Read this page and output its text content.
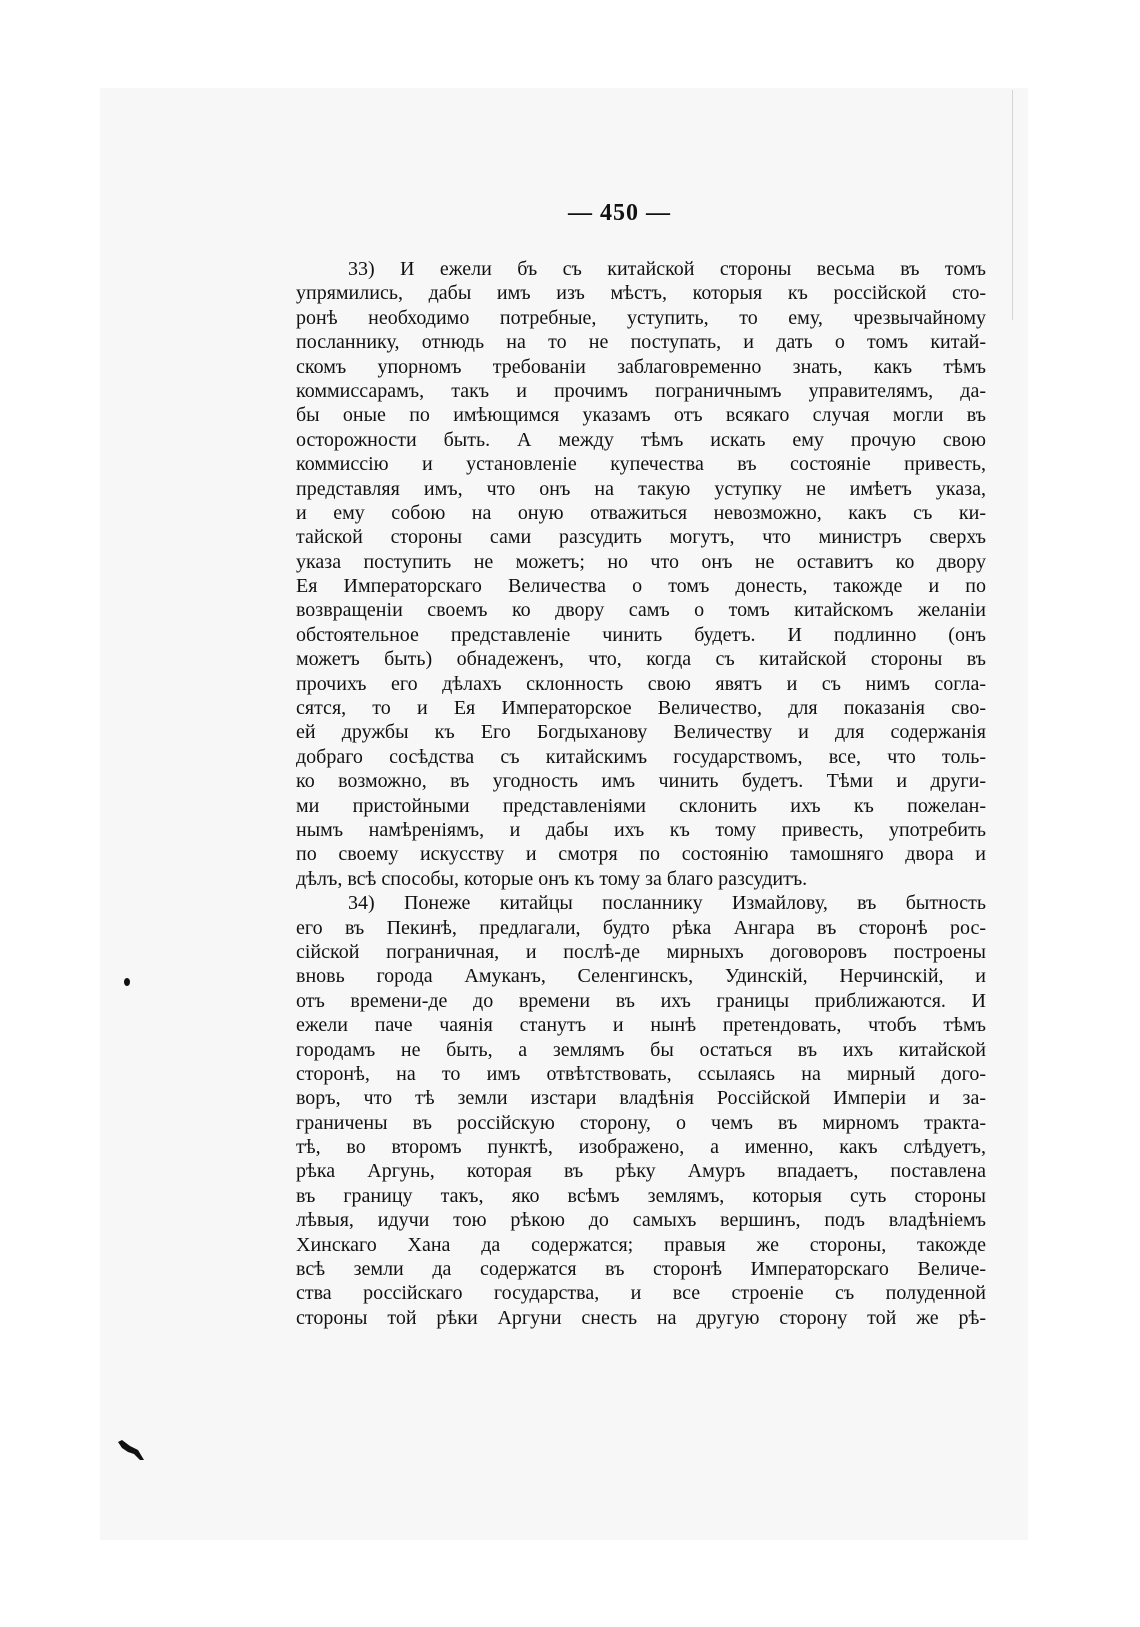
— 450 —
33) И ежели бъ съ китайской стороны весьма въ томъ
упрямились, дабы имъ изъ мѣстъ, которыя къ россійской сто-
ронѣ необходимо потребные, уступить, то ему, чрезвычайному
посланнику, отнюдь на то не поступать, и дать о томъ китай-
скомъ упорномъ требованіи заблаговременно знать, какъ тѣмъ
коммиссарамъ, такъ и прочимъ пограничнымъ управителямъ, да-
бы оные по имѣющимся указамъ отъ всякаго случая могли въ
осторожности быть. А между тѣмъ искать ему прочую свою
коммиссію и установленіе купечества въ состояніе привесть,
представляя имъ, что онъ на такую уступку не имѣетъ указа,
и ему собою на оную отважиться невозможно, какъ съ ки-
тайской стороны сами разсудить могутъ, что министръ сверхъ
указа поступить не можетъ; но что онъ не оставитъ ко двору
Ея Императорскаго Величества о томъ донесть, такожде и по
возвращеніи своемъ ко двору самъ о томъ китайскомъ желаніи
обстоятельное представленіе чинить будетъ. И подлинно (онъ
можетъ быть) обнадеженъ, что, когда съ китайской стороны въ
прочихъ его дѣлахъ склонность свою явятъ и съ нимъ согла-
сятся, то и Ея Императорское Величество, для показанія сво-
ей дружбы къ Его Богдыханову Величеству и для содержанія
добраго сосѣдства съ китайскимъ государствомъ, все, что толь-
ко возможно, въ угодность имъ чинить будетъ. Тѣми и други-
ми пристойными представленіями склонить ихъ къ пожелан-
нымъ намѣреніямъ, и дабы ихъ къ тому привесть, употребить
по своему искусству и смотря по состоянію тамошняго двора и
дѣлъ, всѣ способы, которые онъ къ тому за благо разсудитъ.
34) Понеже китайцы посланнику Измайлову, въ бытность
его въ Пекинѣ, предлагали, будто рѣка Ангара въ сторонѣ рос-
сійской пограничная, и послѣ-де мирныхъ договоровъ построены
вновь города Амуканъ, Селенгинскъ, Удинскій, Нерчинскій, и
отъ времени-де до времени въ ихъ границы приближаются. И
ежели паче чаянія станутъ и нынѣ претендовать, чтобъ тѣмъ
городамъ не быть, а землямъ бы остаться въ ихъ китайской
сторонѣ, на то имъ отвѣтствовать, ссылаясь на мирный дого-
воръ, что тѣ земли изстари владѣнія Россійской Имперіи и за-
граничены въ россійскую сторону, о чемъ въ мирномъ тракта-
тѣ, во второмъ пунктѣ, изображено, а именно, какъ слѣдуетъ,
рѣка Аргунь, которая въ рѣку Амуръ впадаетъ, поставлена
въ границу такъ, яко всѣмъ землямъ, которыя суть стороны
лѣвыя, идучи тою рѣкою до самыхъ вершинъ, подъ владѣніемъ
Хинскаго Хана да содержатся; правыя же стороны, такожде
всѣ земли да содержатся въ сторонѣ Императорскаго Величе-
ства россійскаго государства, и все строеніе съ полуденной
стороны той рѣки Аргуни снесть на другую сторону той же рѣ-
